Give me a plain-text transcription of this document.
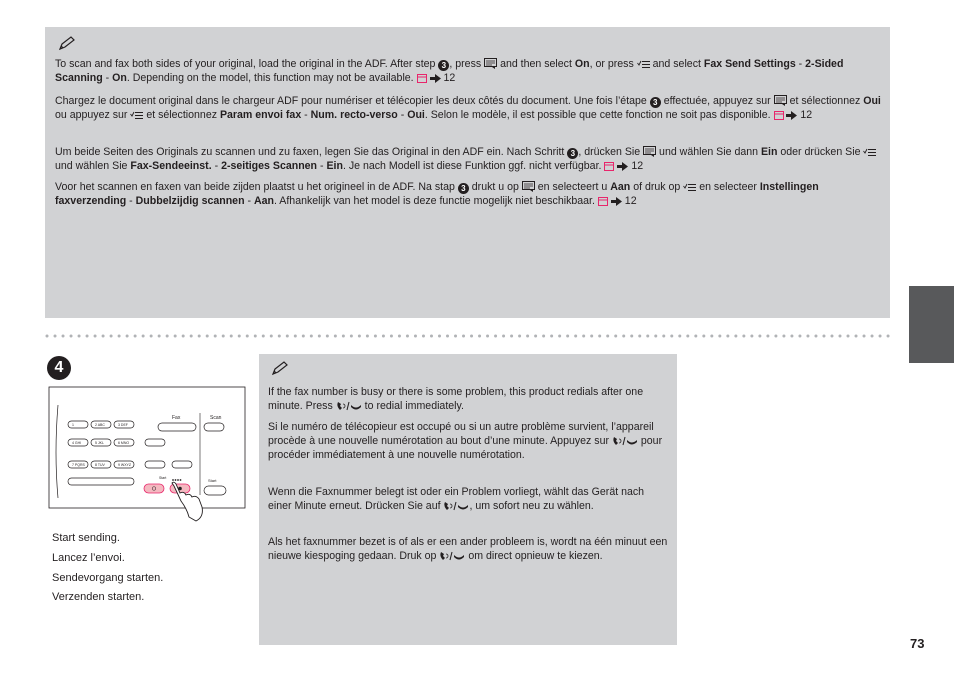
To scan and fax both sides of your original, load the original in the ADF. After step 3 , press  and then select On, or press  and select Fax Send Settings - 2-Sided Scanning - On. Depending on the model, this function may not be available.	12

Chargez le document original dans le chargeur ADF pour numériser et télécopier les deux côtés du document. Une fois l’étape 3 effectuée, appuyez sur  et sélectionnez Oui ou appuyez sur  et sélectionnez Param envoi fax - Num. recto-verso - Oui. Selon le modèle, il est possible que cette fonction ne soit pas disponible.	12

Um beide Seiten des Originals zu scannen und zu faxen, legen Sie das Original in den ADF ein. Nach Schritt 3 , drücken Sie  und wählen Sie dann Ein oder drücken Sie  und wählen Sie Fax-Sendeeinst. - 2-seitiges Scannen - Ein. Je nach Modell ist diese Funktion ggf. nicht verfügbar.	12

Voor het scannen en faxen van beide zijden plaatst u het origineel in de ADF. Na stap 3 drukt u op  en selecteert u Aan of druk op  en selecteer Instellingen faxverzending - Dubbelzijdig scannen - Aan. Afhankelijk van het model is deze functie mogelijk niet beschikbaar.	12

4
1	2 ABC	3 DEF
4 GHI	5 JKL	6 MNO
7 PQRS	8 TUV	9 WXYZ
Fax	Scan
Start	Start

Start sending.

Lancez l’envoi.

Sendevorgang starten.

Verzenden starten.

If the fax number is busy or there is some problem, this product redials after one minute. Press  to redial immediately.

Si le numéro de télécopieur est occupé ou si un autre problème survient, l’appareil procède à une nouvelle numérotation au bout d’une minute. Appuyez sur  pour procéder immédiatement à une nouvelle numérotation.

Wenn die Faxnummer belegt ist oder ein Problem vorliegt, wählt das Gerät nach einer Minute erneut. Drücken Sie auf , um sofort neu zu wählen.

Als het faxnummer bezet is of als er een ander probleem is, wordt na één minuut een nieuwe kiespoging gedaan. Druk op  om direct opnieuw te kiezen.

73
